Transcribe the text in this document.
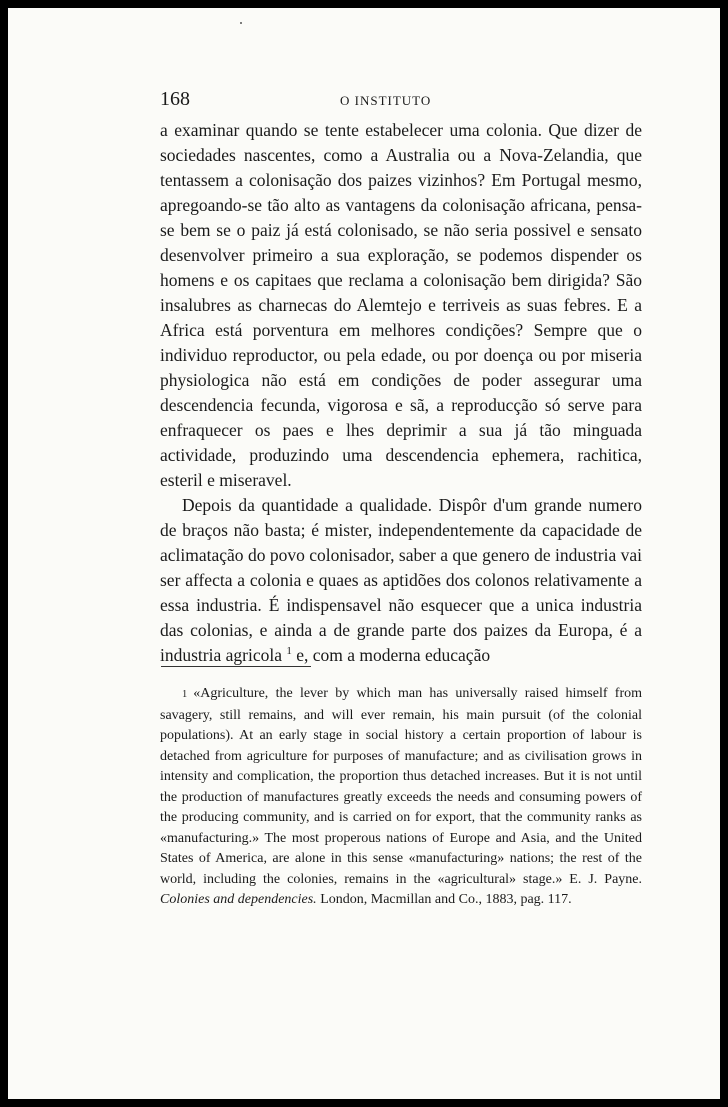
168	O INSTITUTO

a examinar quando se tente estabelecer uma colonia. Que dizer de sociedades nascentes, como a Australia ou a Nova-Zelandia, que tentassem a colonisação dos paizes vizinhos? Em Portugal mesmo, apregoando-se tão alto as vantagens da colonisação africana, pensa-se bem se o paiz já está colonisado, se não seria possivel e sensato desenvolver primeiro a sua exploração, se podemos dispender os homens e os capitaes que reclama a colonisação bem dirigida? São insalubres as charnecas do Alemtejo e terriveis as suas febres. E a Africa está porventura em melhores condições? Sempre que o individuo reproductor, ou pela edade, ou por doença ou por miseria physiologica não está em condições de poder assegurar uma descendencia fecunda, vigorosa e sã, a reproducção só serve para enfraquecer os paes e lhes deprimir a sua já tão minguada actividade, produzindo uma descendencia ephemera, rachitica, esteril e miseravel.

Depois da quantidade a qualidade. Dispôr d'um grande numero de braços não basta; é mister, independentemente da capacidade de aclimatação do povo colonisador, saber a que genero de industria vai ser affecta a colonia e quaes as aptidões dos colonos relativamente a essa industria. É indispensavel não esquecer que a unica industria das colonias, e ainda a de grande parte dos paizes da Europa, é a industria agricola $^1$ e, com a moderna educação

1 «Agriculture, the lever by which man has universally raised himself from savagery, still remains, and will ever remain, his main pursuit (of the colonial populations). At an early stage in social history a certain proportion of labour is detached from agriculture for purposes of manufacture; and as civilisation grows in intensity and complication, the proportion thus detached increases. But it is not until the production of manufactures greatly exceeds the needs and consuming powers of the producing community, and is carried on for export, that the community ranks as «manufacturing.» The most properous nations of Europe and Asia, and the United States of America, are alone in this sense «manufacturing» nations; the rest of the world, including the colonies, remains in the «agricultural» stage.» E. J. Payne. Colonies and dependencies. London, Macmillan and Co., 1883, pag. 117.
